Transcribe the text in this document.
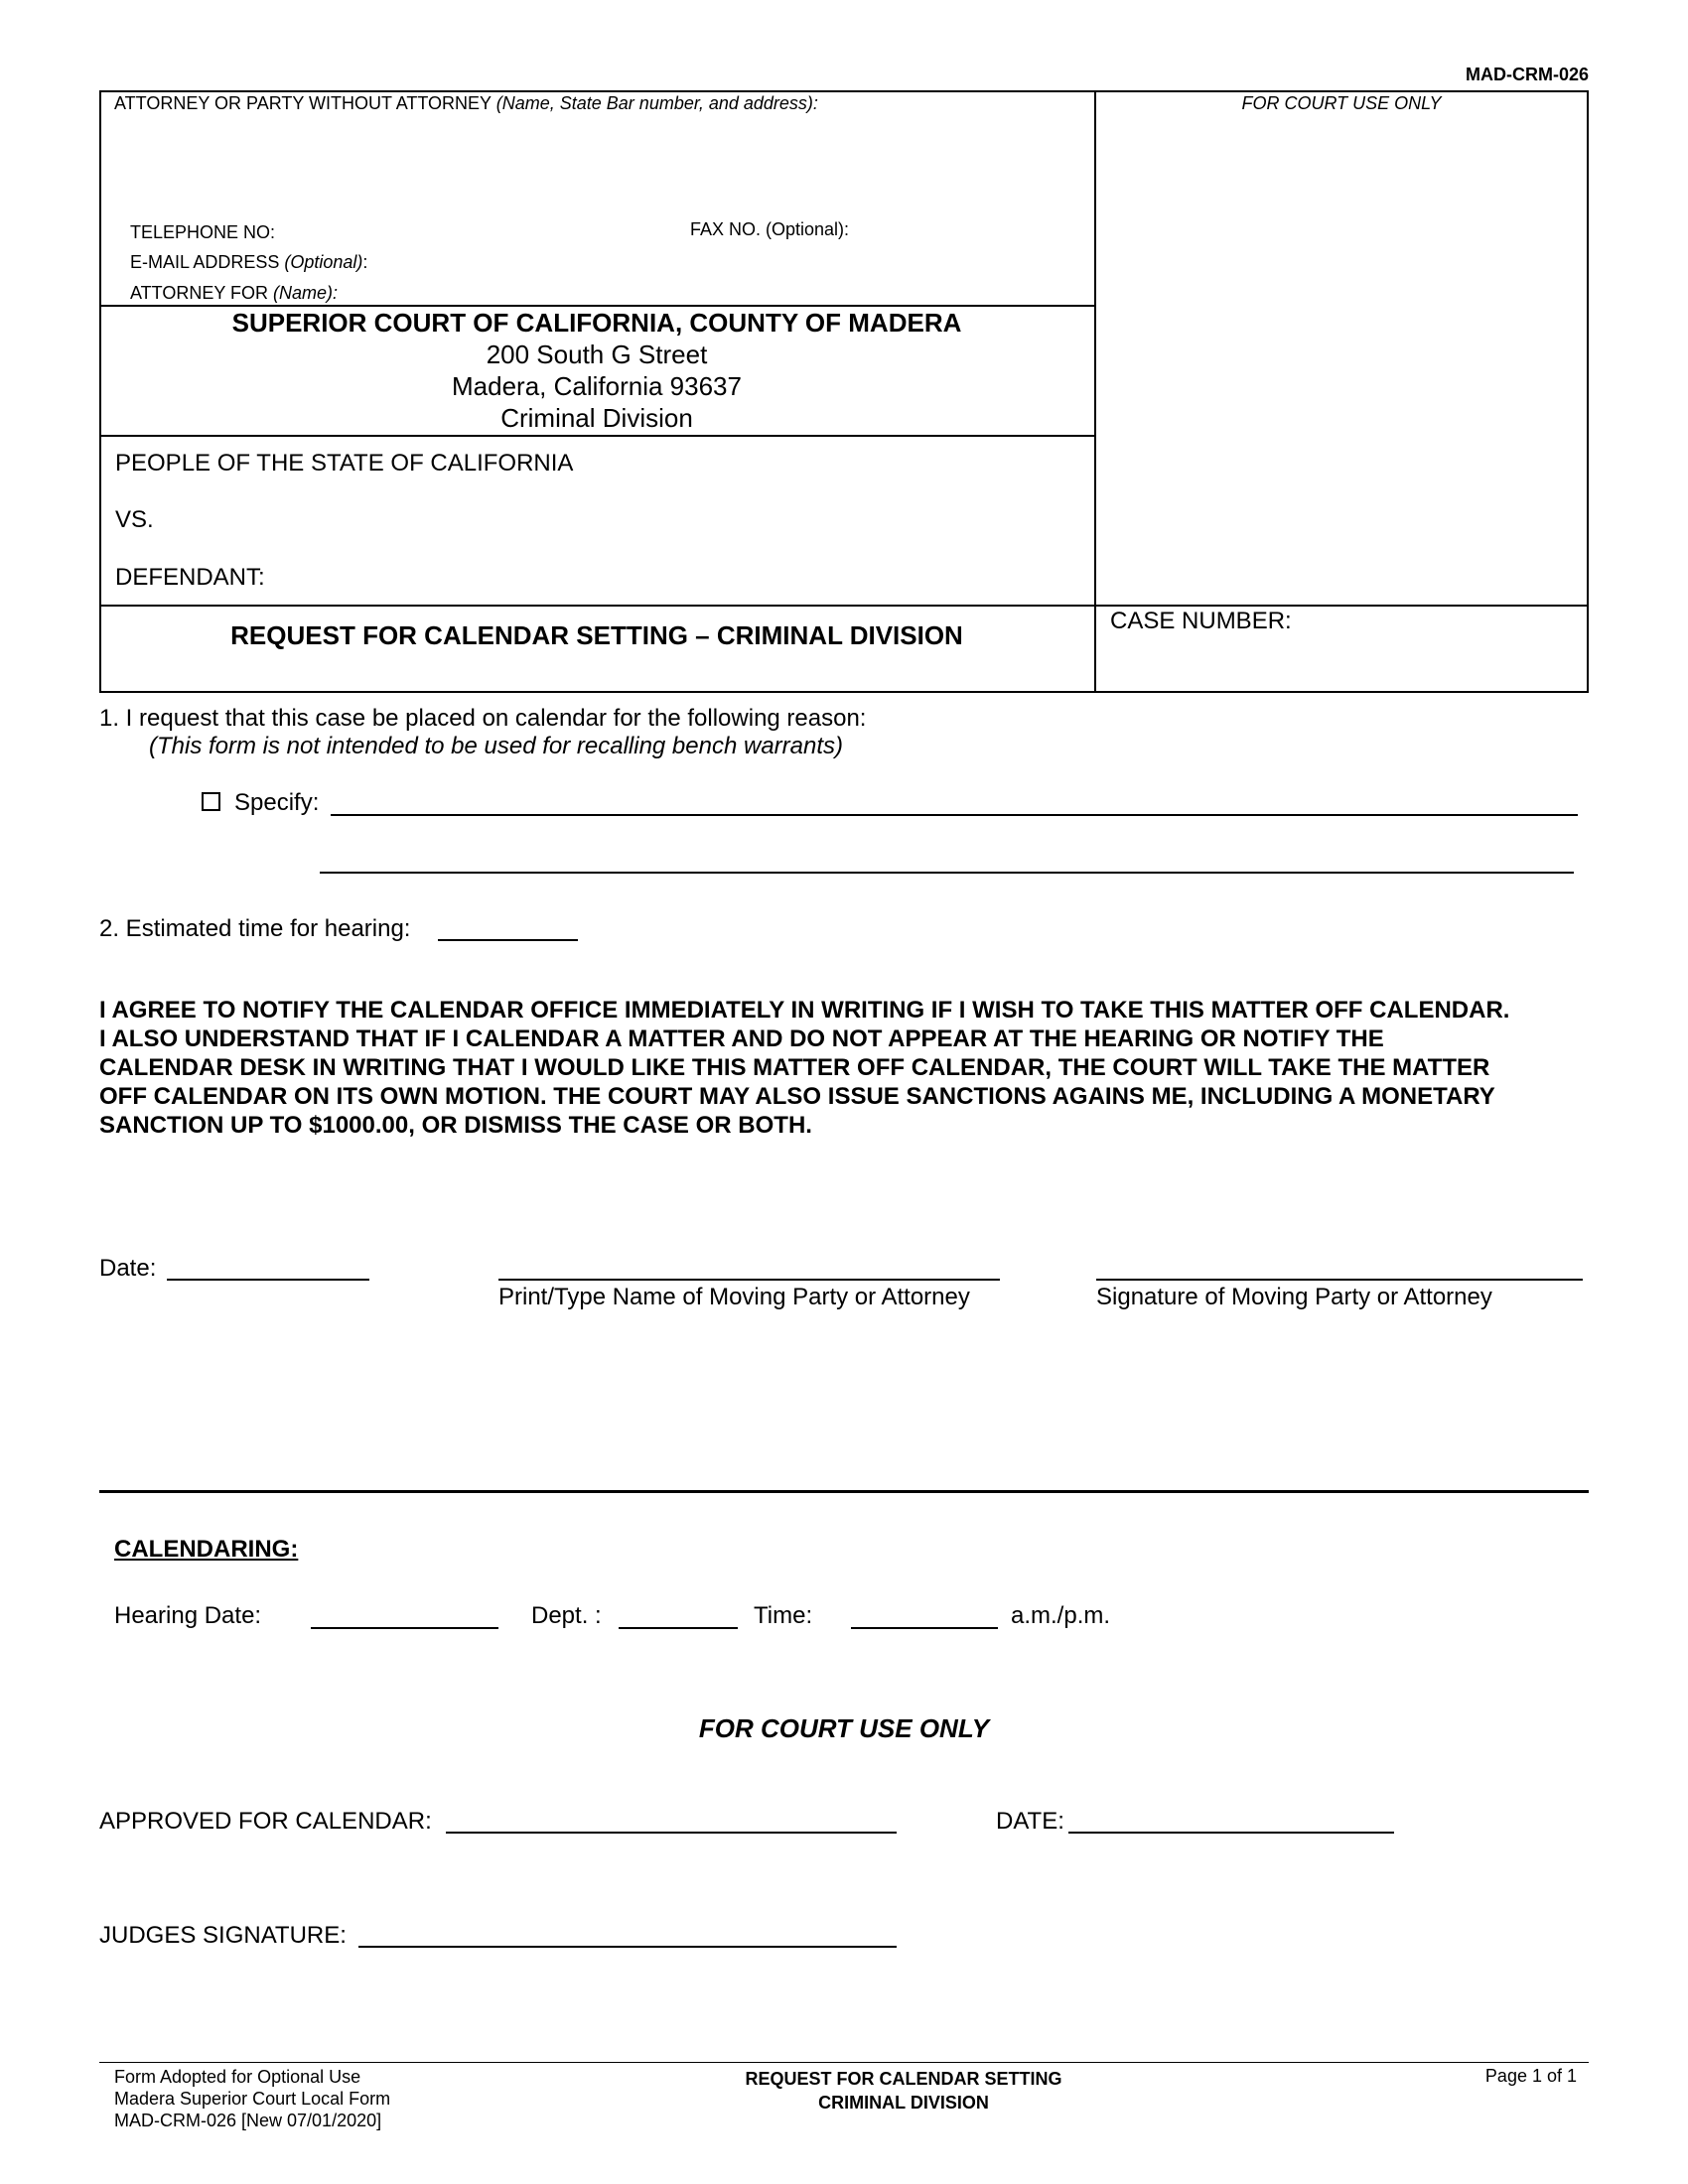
MAD-CRM-026
ATTORNEY OR PARTY WITHOUT ATTORNEY (Name, State Bar number, and address):	FOR COURT USE ONLY
TELEPHONE NO:	FAX NO. (Optional):
E-MAIL ADDRESS (Optional):
ATTORNEY FOR (Name):
SUPERIOR COURT OF CALIFORNIA, COUNTY OF MADERA
200 South G Street
Madera, California 93637
Criminal Division
PEOPLE OF THE STATE OF CALIFORNIA
VS.
DEFENDANT:
REQUEST FOR CALENDAR SETTING – CRIMINAL DIVISION	CASE NUMBER:
1. I request that this case be placed on calendar for the following reason:
(This form is not intended to be used for recalling bench warrants)
Specify:
2. Estimated time for hearing:
I AGREE TO NOTIFY THE CALENDAR OFFICE IMMEDIATELY IN WRITING IF I WISH TO TAKE THIS MATTER OFF CALENDAR.
I ALSO UNDERSTAND THAT IF I CALENDAR A MATTER AND DO NOT APPEAR AT THE HEARING OR NOTIFY THE
CALENDAR DESK IN WRITING THAT I WOULD LIKE THIS MATTER OFF CALENDAR, THE COURT WILL TAKE THE MATTER
OFF CALENDAR ON ITS OWN MOTION. THE COURT MAY ALSO ISSUE SANCTIONS AGAINS ME, INCLUDING A MONETARY
SANCTION UP TO $1000.00, OR DISMISS THE CASE OR BOTH.
Date:
Print/Type Name of Moving Party or Attorney	Signature of Moving Party or Attorney
CALENDARING:
Hearing Date:	Dept. :	Time:	a.m./p.m.
FOR COURT USE ONLY
APPROVED FOR CALENDAR:	DATE:
JUDGES SIGNATURE:
Form Adopted for Optional Use
Madera Superior Court Local Form
MAD-CRM-026 [New 07/01/2020]
REQUEST FOR CALENDAR SETTING
CRIMINAL DIVISION
Page 1 of 1
